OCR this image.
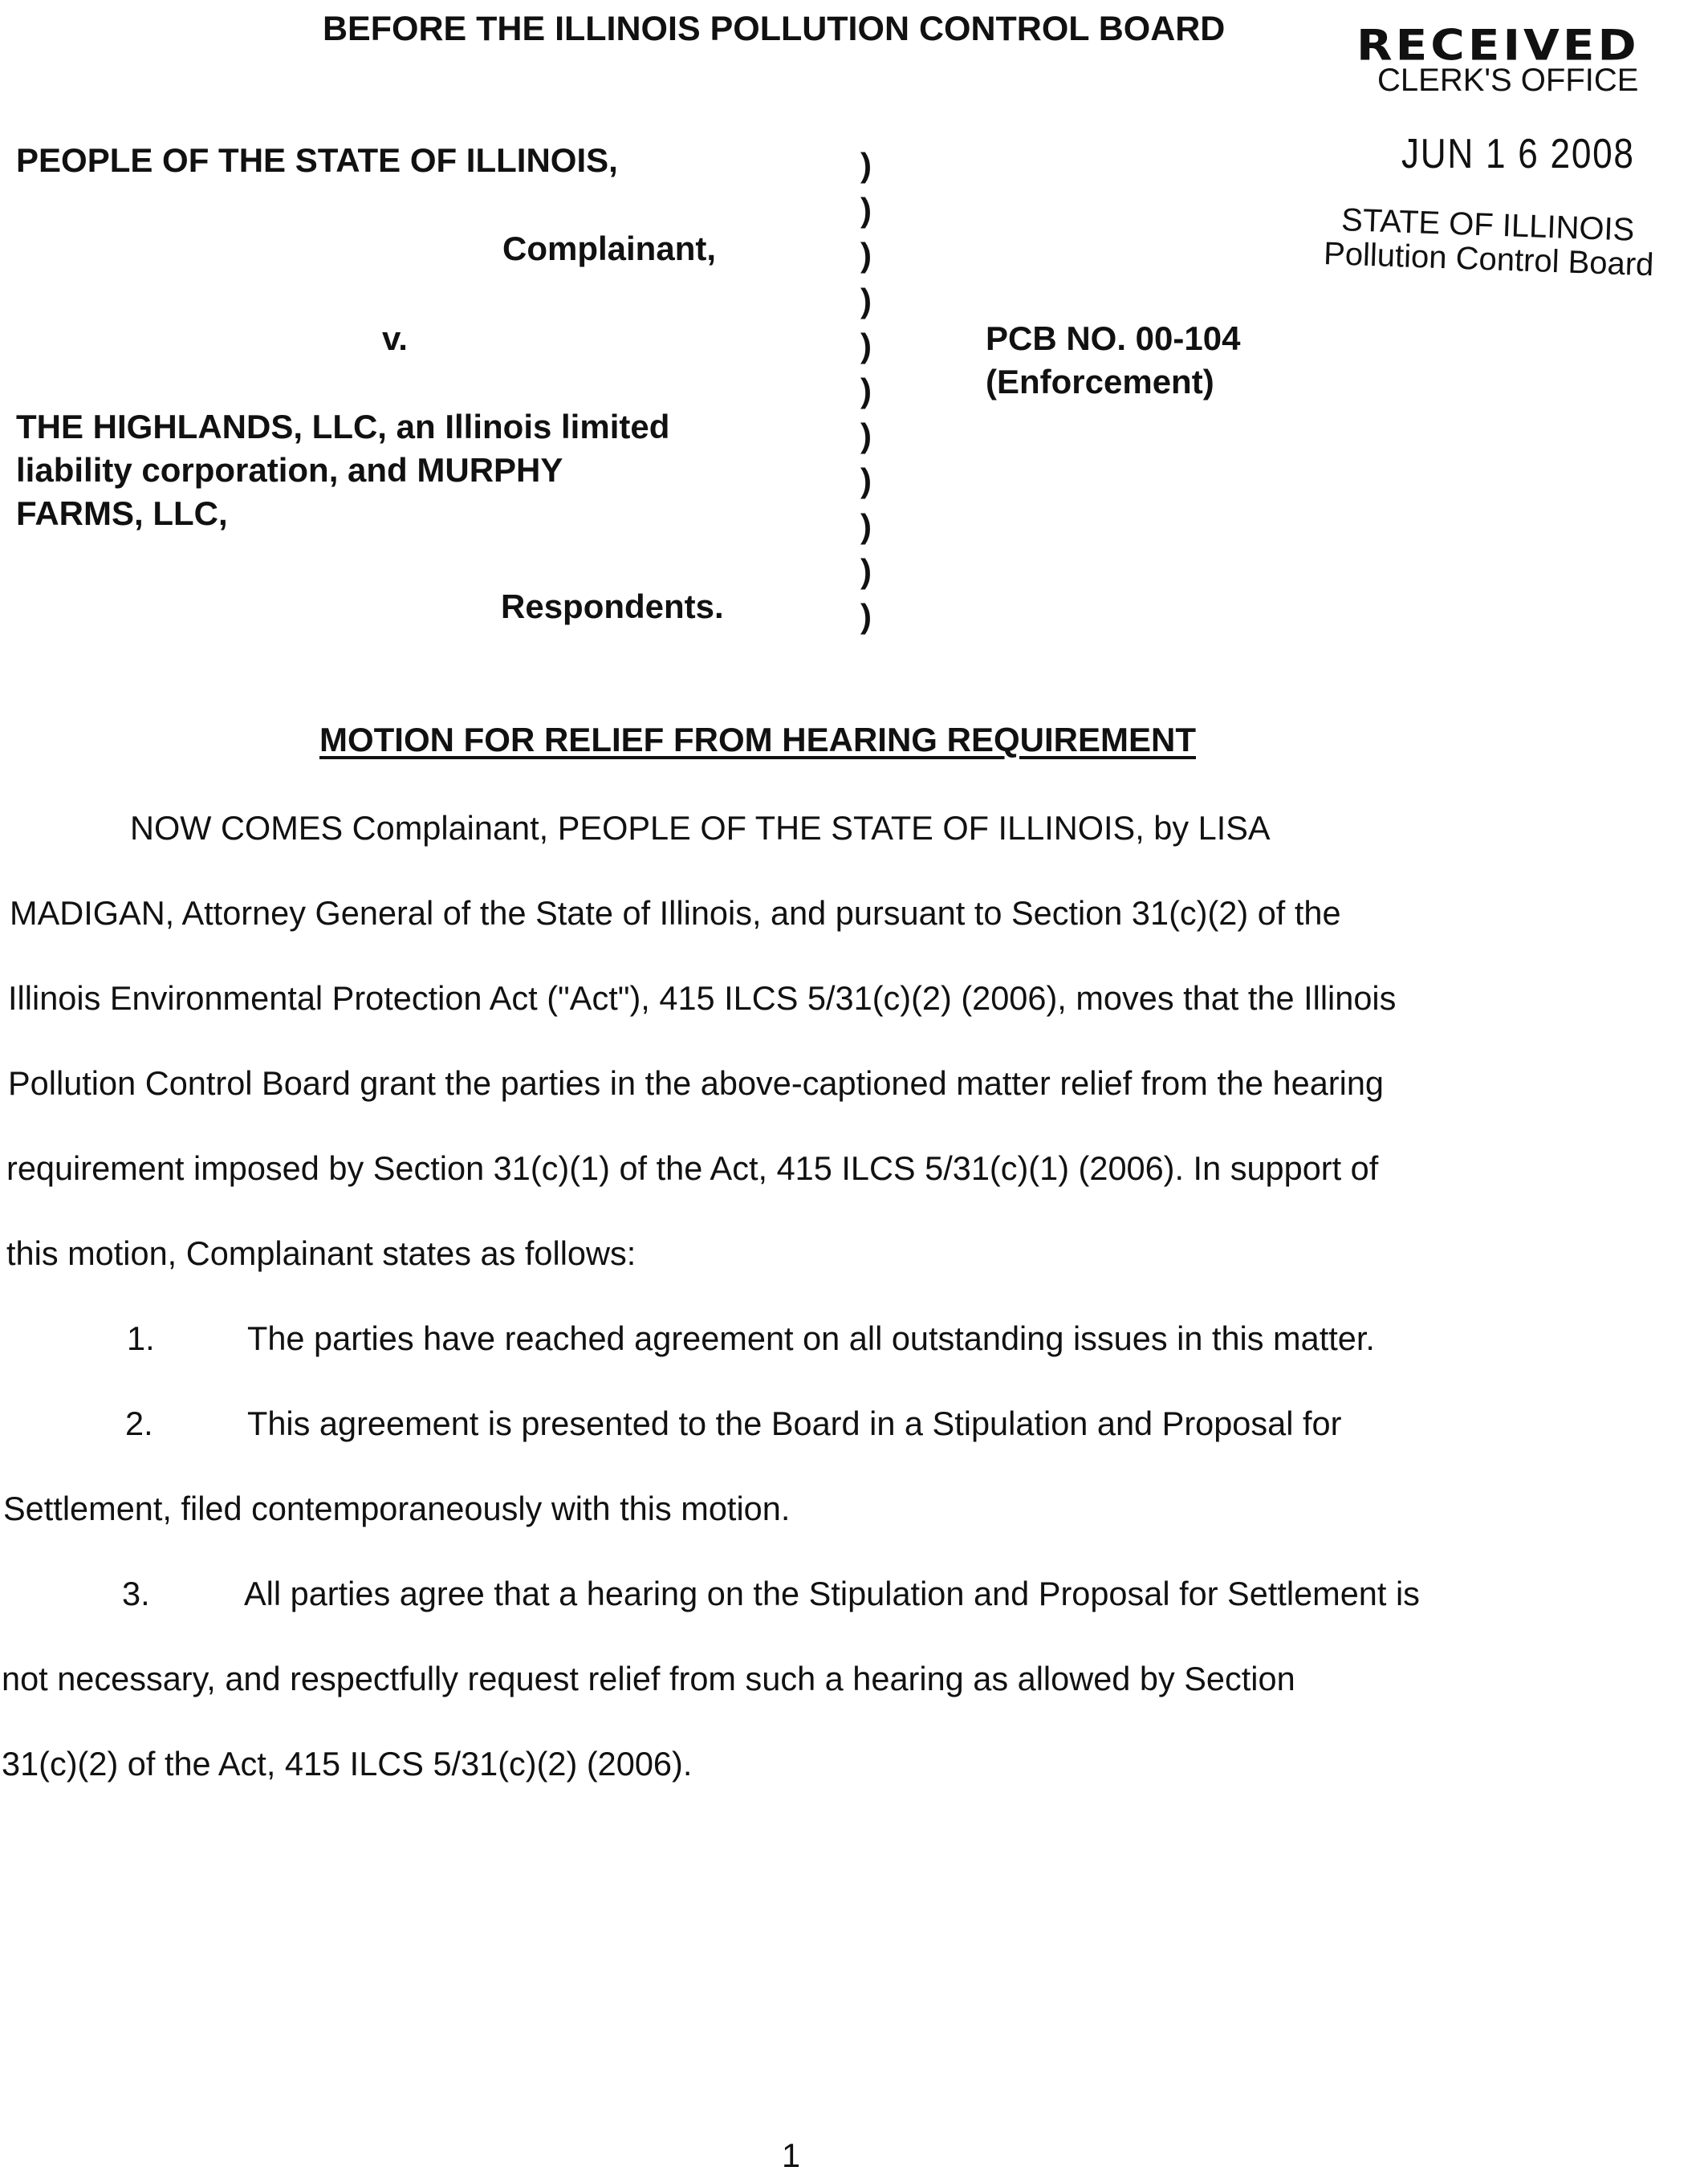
BEFORE THE ILLINOIS POLLUTION CONTROL BOARD	RECEIVED
CLERK'S OFFICE
JUN 1 6 2008
STATE OF ILLINOIS
Pollution Control Board
PEOPLE OF THE STATE OF ILLINOIS,
Complainant,
v.
THE HIGHLANDS, LLC, an Illinois limited
liability corporation, and MURPHY
FARMS, LLC,
Respondents.
)
)
)
)
)
)
)
)
)
)
)
PCB NO. 00-104
(Enforcement)
MOTION FOR RELIEF FROM HEARING REQUIREMENT
NOW COMES Complainant, PEOPLE OF THE STATE OF ILLINOIS, by LISA
MADIGAN, Attorney General of the State of Illinois, and pursuant to Section 31(c)(2) of the
Illinois Environmental Protection Act ("Act"), 415 ILCS 5/31(c)(2) (2006), moves that the Illinois
Pollution Control Board grant the parties in the above-captioned matter relief from the hearing
requirement imposed by Section 31(c)(1) of the Act, 415 ILCS 5/31(c)(1) (2006). In support of
this motion, Complainant states as follows:
1.	The parties have reached agreement on all outstanding issues in this matter.
2.	This agreement is presented to the Board in a Stipulation and Proposal for
Settlement, filed contemporaneously with this motion.
3.	All parties agree that a hearing on the Stipulation and Proposal for Settlement is
not necessary, and respectfully request relief from such a hearing as allowed by Section
31(c)(2) of the Act, 415 ILCS 5/31(c)(2) (2006).
1
